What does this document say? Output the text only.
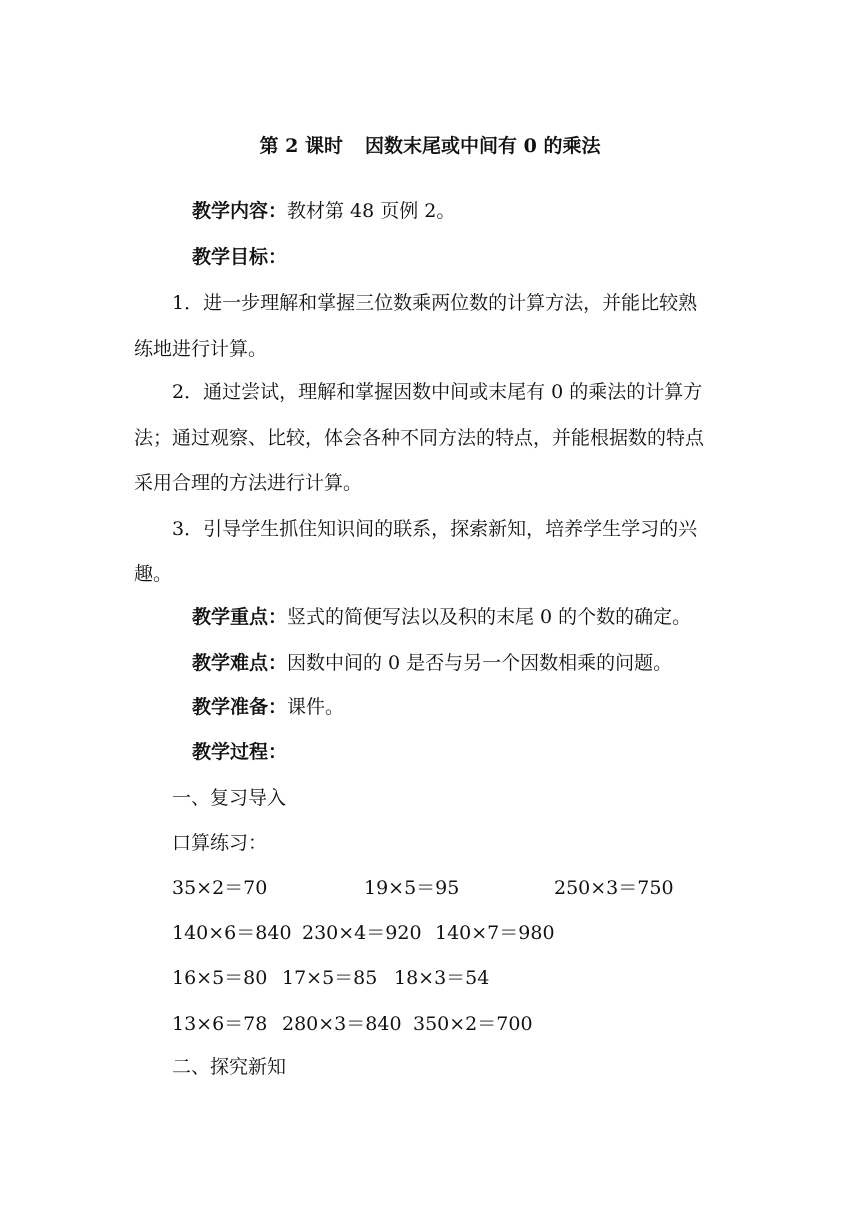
第 2 课时 因数末尾或中间有 0 的乘法
教学内容：教材第 48 页例 2。
教学目标：
1．进一步理解和掌握三位数乘两位数的计算方法，并能比较熟
练地进行计算。
2．通过尝试，理解和掌握因数中间或末尾有 0 的乘法的计算方
法；通过观察、比较，体会各种不同方法的特点，并能根据数的特点
采用合理的方法进行计算。
3．引导学生抓住知识间的联系，探索新知，培养学生学习的兴
趣。
教学重点：竖式的简便写法以及积的末尾 0 的个数的确定。
教学难点：因数中间的 0 是否与另一个因数相乘的问题。
教学准备：课件。
教学过程：
一、复习导入
口算练习：
35×2＝70	19×5＝95	250×3＝750
140×6＝840 230×4＝920 140×7＝980
16×5＝80 17×5＝85 18×3＝54
13×6＝78 280×3＝840 350×2＝700
二、探究新知
